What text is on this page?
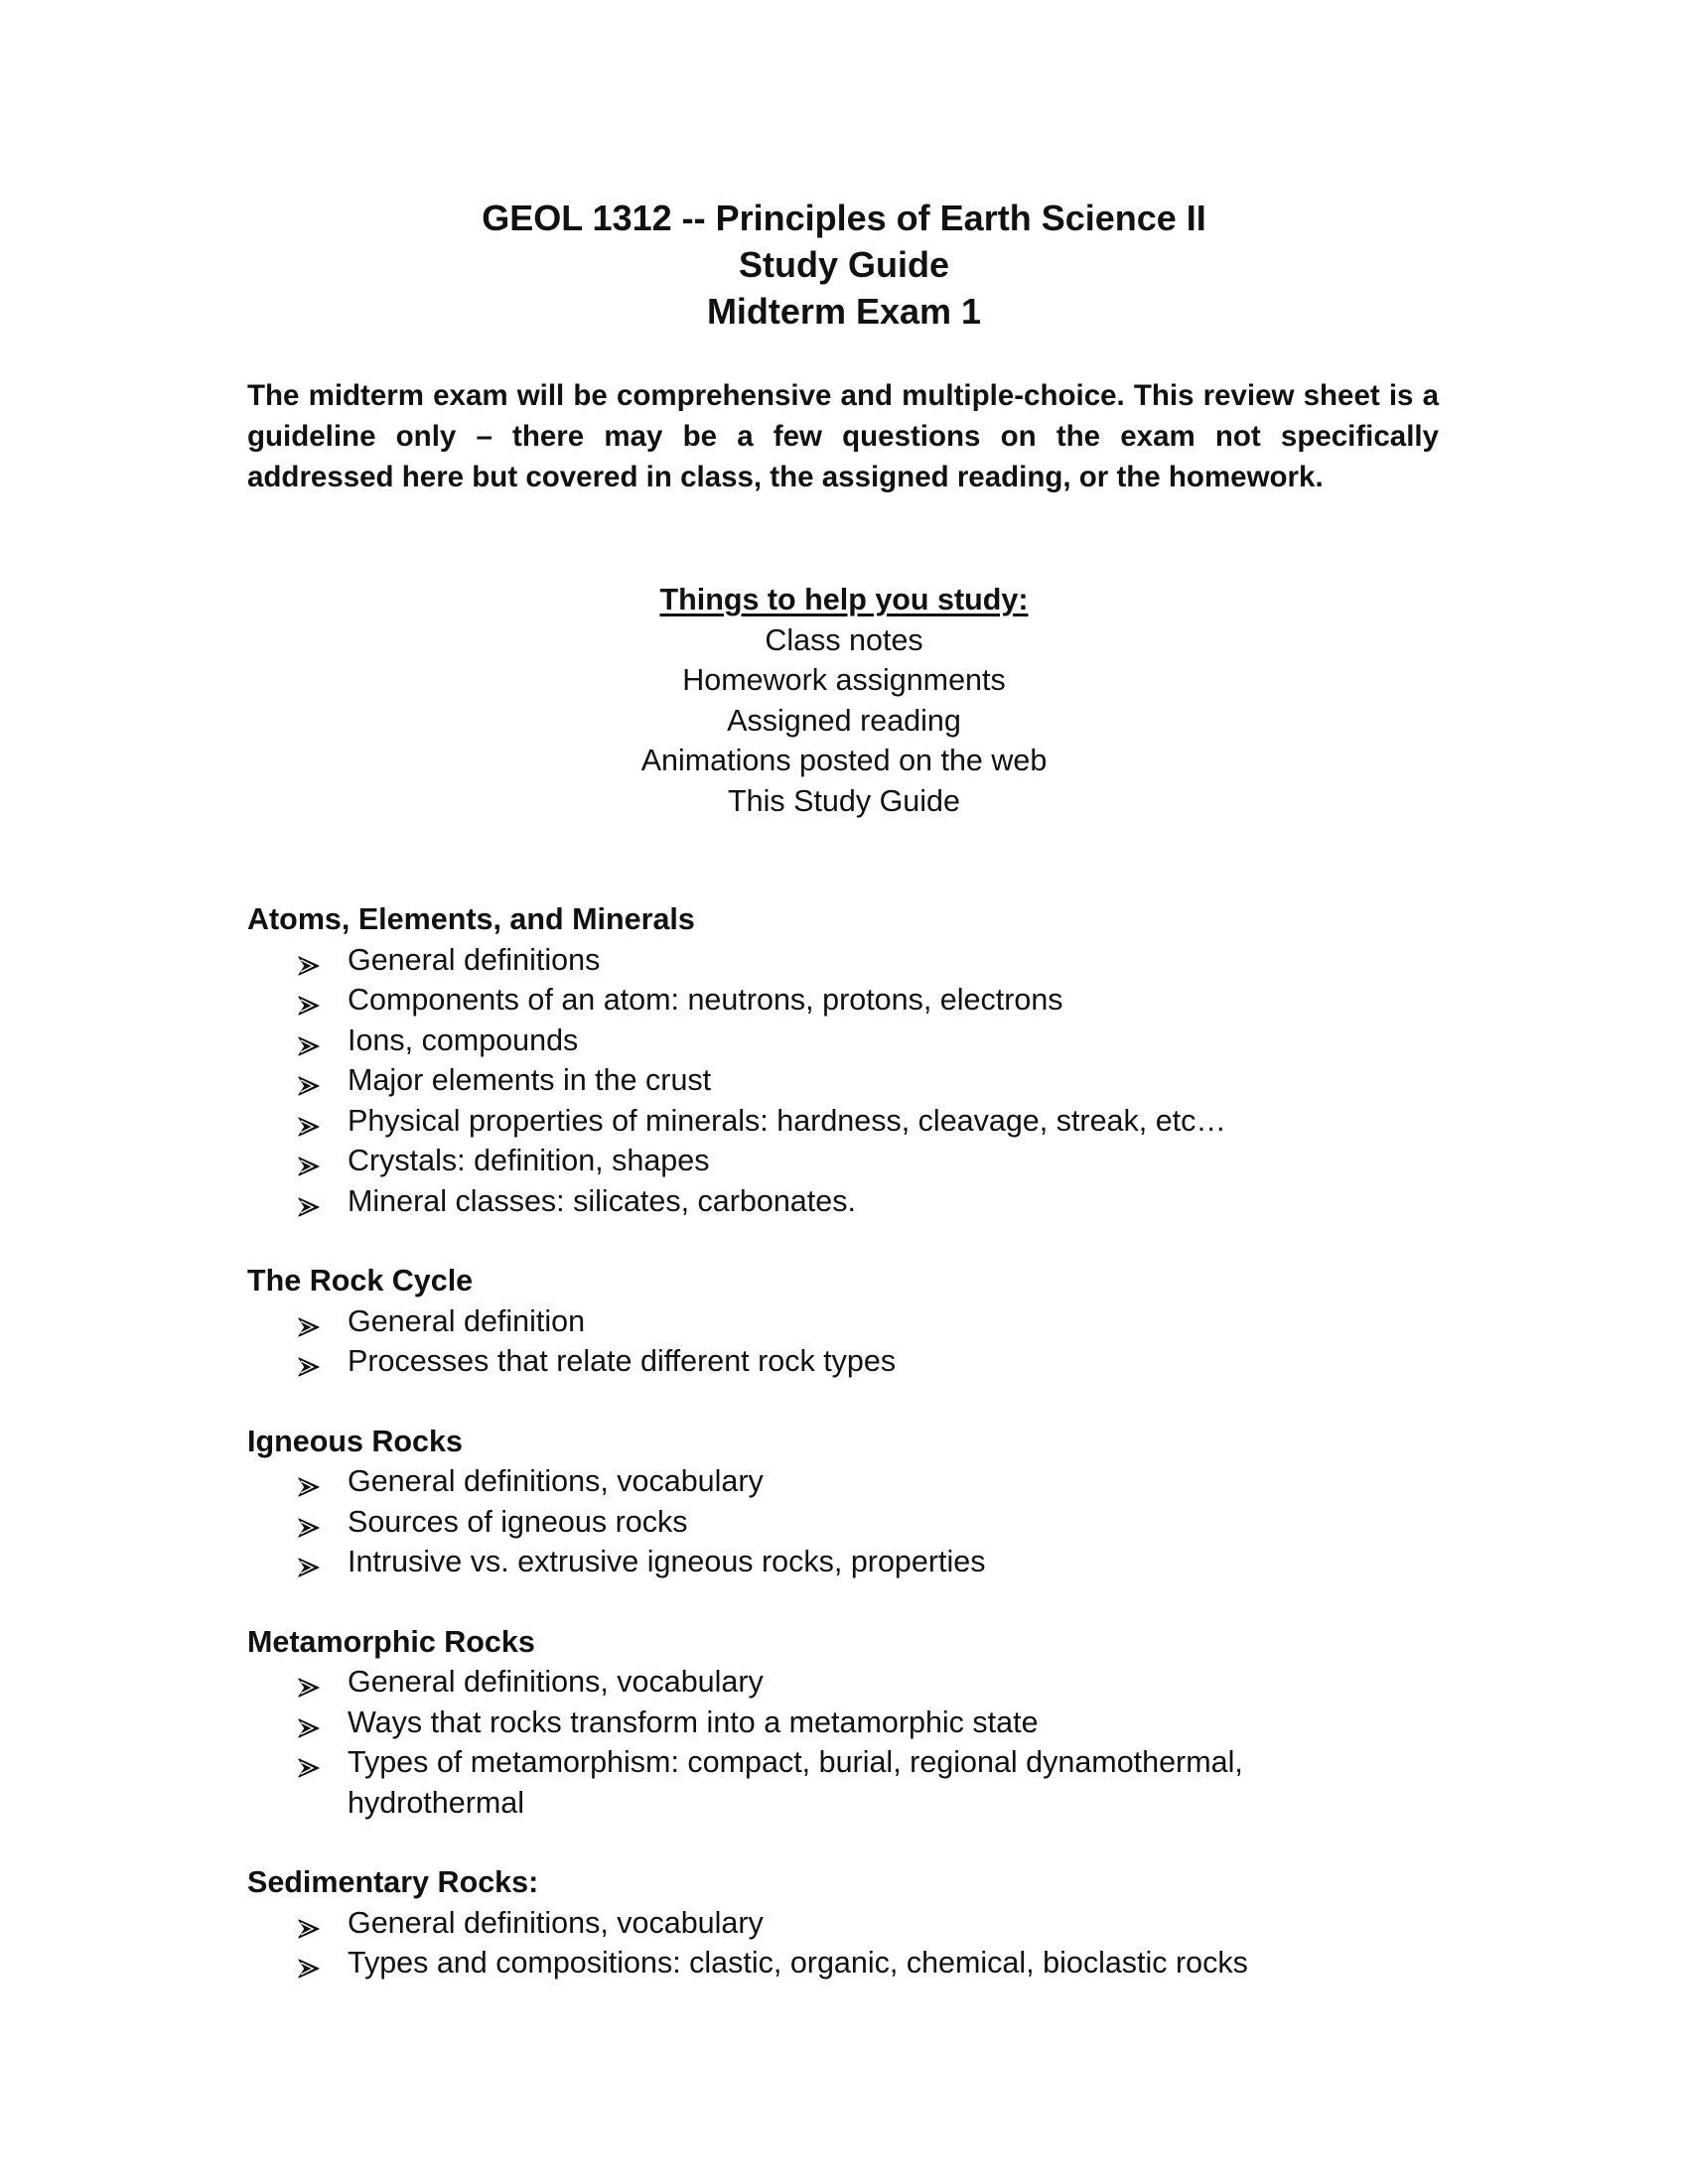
GEOL 1312 -- Principles of Earth Science II
Study Guide
Midterm Exam 1

The midterm exam will be comprehensive and multiple-choice. This review sheet is a guideline only – there may be a few questions on the exam not specifically addressed here but covered in class, the assigned reading, or the homework.

Things to help you study:
Class notes
Homework assignments
Assigned reading
Animations posted on the web
This Study Guide
Atoms, Elements, and Minerals
General definitions
Components of an atom: neutrons, protons, electrons
Ions, compounds
Major elements in the crust
Physical properties of minerals: hardness, cleavage, streak, etc…
Crystals: definition, shapes
Mineral classes: silicates, carbonates.
The Rock Cycle
General definition
Processes that relate different rock types
Igneous Rocks
General definitions, vocabulary
Sources of igneous rocks
Intrusive vs. extrusive igneous rocks, properties
Metamorphic Rocks
General definitions, vocabulary
Ways that rocks transform into a metamorphic state
Types of metamorphism: compact, burial, regional dynamothermal, hydrothermal
Sedimentary Rocks:
General definitions, vocabulary
Types and compositions: clastic, organic, chemical, bioclastic rocks
